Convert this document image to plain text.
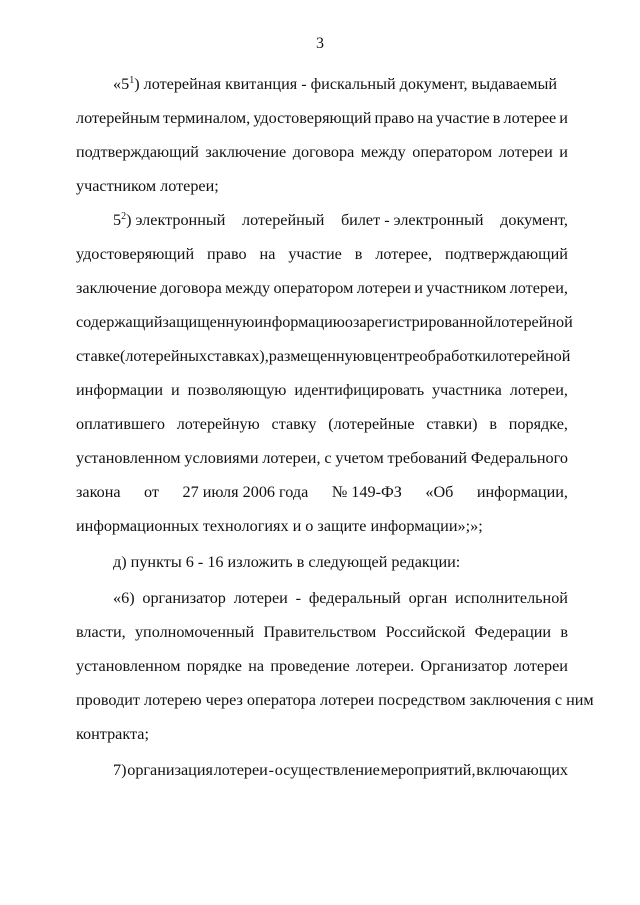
3
«$5^1$) лотерейная квитанция - фискальный документ, выдаваемый
лотерейным терминалом, удостоверяющий право на участие в лотерее и
подтверждающий заключение договора между оператором лотереи и
участником лотереи;
$5^2$) электронный лотерейный билет - электронный документ,
удостоверяющий право на участие в лотерее, подтверждающий
заключение договора между оператором лотереи и участником лотереи,
содержащий защищенную информацию о зарегистрированной лотерейной
ставке (лотерейных ставках), размещенную в центре обработки лотерейной
информации и позволяющую идентифицировать участника лотереи,
оплатившего лотерейную ставку (лотерейные ставки) в порядке,
установленном условиями лотереи, с учетом требований Федерального
закона от 27 июля 2006 года № 149-ФЗ «Об информации,
информационных технологиях и о защите информации»;»;
д) пункты 6 - 16 изложить в следующей редакции:
«6) организатор лотереи - федеральный орган исполнительной
власти, уполномоченный Правительством Российской Федерации в
установленном порядке на проведение лотереи. Организатор лотереи
проводит лотерею через оператора лотереи посредством заключения с ним
контракта;
7) организация лотереи - осуществление мероприятий, включающих
